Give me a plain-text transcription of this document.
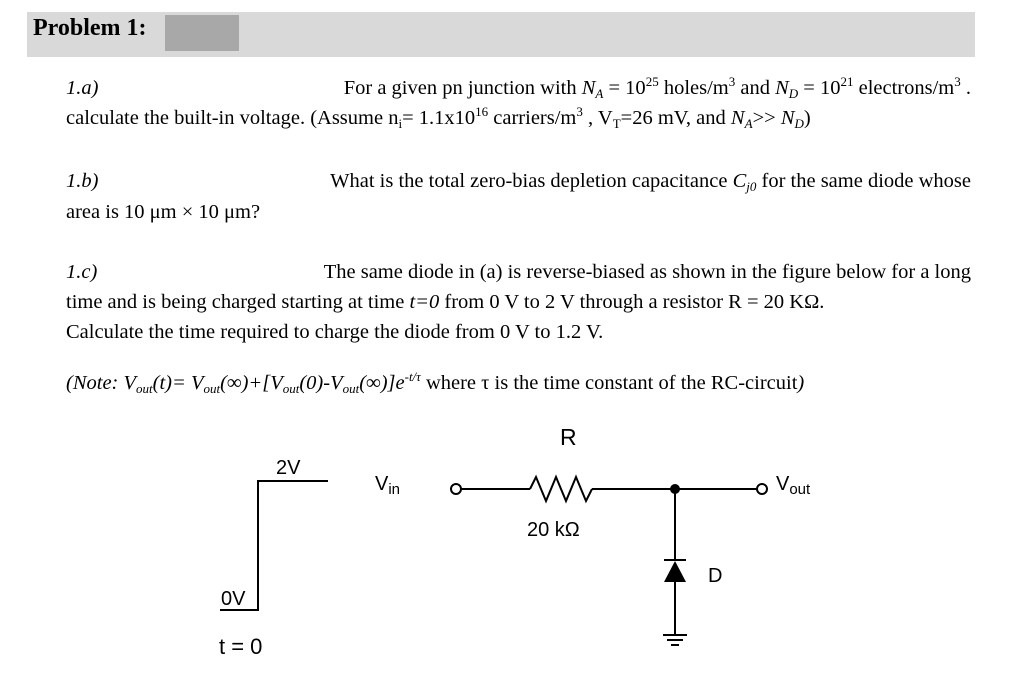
Problem 1:
1.a)	For a given pn junction with $N_A = 10^{25}$ holes/$m^3$ and $N_D = 10^{21}$ electrons/$m^3$ .
calculate the built-in voltage. (Assume $n_i= 1.1x10^{16}$ carriers/$m^3$ , $V_T=26$ mV, and $N_A>> N_D$)
1.b)	What is the total zero-bias depletion capacitance $C_{j0}$ for the same diode whose
area is 10 μm × 10 μm?
1.c)	The same diode in (a) is reverse-biased as shown in the figure below for a long
time and is being charged starting at time t=0 from 0 V to 2 V through a resistor R = 20 KΩ.
Calculate the time required to charge the diode from 0 V to 1.2 V.
(Note: $V_{out}(t)= V_{out}(\infty)+[V_{out}(0)-V_{out}(\infty)]e^{-t/\tau}$ where τ is the time constant of the RC-circuit)
R
20 kΩ
$V_{in}$	$V_{out}$
D
2V
0V
t = 0
